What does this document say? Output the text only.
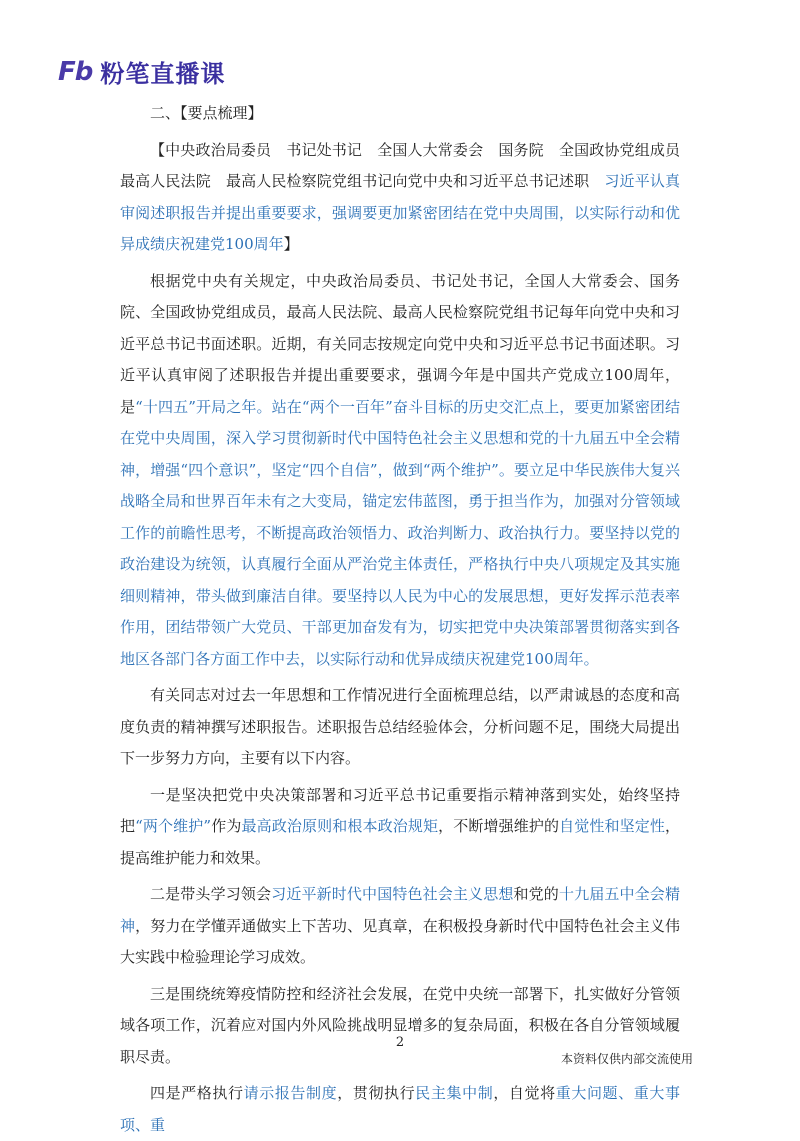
Fb 粉笔直播课

二、【要点梳理】

【中央政治局委员　书记处书记　全国人大常委会　国务院　全国政协党组成员　最高人民法院　最高人民检察院党组书记向党中央和习近平总书记述职　习近平认真审阅述职报告并提出重要要求，强调要更加紧密团结在党中央周围，以实际行动和优异成绩庆祝建党100周年】

根据党中央有关规定，中央政治局委员、书记处书记，全国人大常委会、国务院、全国政协党组成员，最高人民法院、最高人民检察院党组书记每年向党中央和习近平总书记书面述职。近期，有关同志按规定向党中央和习近平总书记书面述职。习近平认真审阅了述职报告并提出重要要求，强调今年是中国共产党成立100周年，是“十四五”开局之年。站在“两个一百年”奋斗目标的历史交汇点上，要更加紧密团结在党中央周围，深入学习贯彻新时代中国特色社会主义思想和党的十九届五中全会精神，增强“四个意识”，坚定“四个自信”，做到“两个维护”。要立足中华民族伟大复兴战略全局和世界百年未有之大变局，锚定宏伟蓝图，勇于担当作为，加强对分管领域工作的前瞻性思考，不断提高政治领悟力、政治判断力、政治执行力。要坚持以党的政治建设为统领，认真履行全面从严治党主体责任，严格执行中央八项规定及其实施细则精神，带头做到廉洁自律。要坚持以人民为中心的发展思想，更好发挥示范表率作用，团结带领广大党员、干部更加奋发有为，切实把党中央决策部署贯彻落实到各地区各部门各方面工作中去，以实际行动和优异成绩庆祝建党100周年。

有关同志对过去一年思想和工作情况进行全面梳理总结，以严肃诚恳的态度和高度负责的精神撰写述职报告。述职报告总结经验体会，分析问题不足，围绕大局提出下一步努力方向，主要有以下内容。

一是坚决把党中央决策部署和习近平总书记重要指示精神落到实处，始终坚持把“两个维护”作为最高政治原则和根本政治规矩，不断增强维护的自觉性和坚定性，提高维护能力和效果。

二是带头学习领会习近平新时代中国特色社会主义思想和党的十九届五中全会精神，努力在学懂弄通做实上下苦功、见真章，在积极投身新时代中国特色社会主义伟大实践中检验理论学习成效。

三是围绕统筹疫情防控和经济社会发展，在党中央统一部署下，扎实做好分管领域各项工作，沉着应对国内外风险挑战明显增多的复杂局面，积极在各自分管领域履职尽责。

四是严格执行请示报告制度，贯彻执行民主集中制，自觉将重大问题、重大事项、重

2
本资料仅供内部交流使用
